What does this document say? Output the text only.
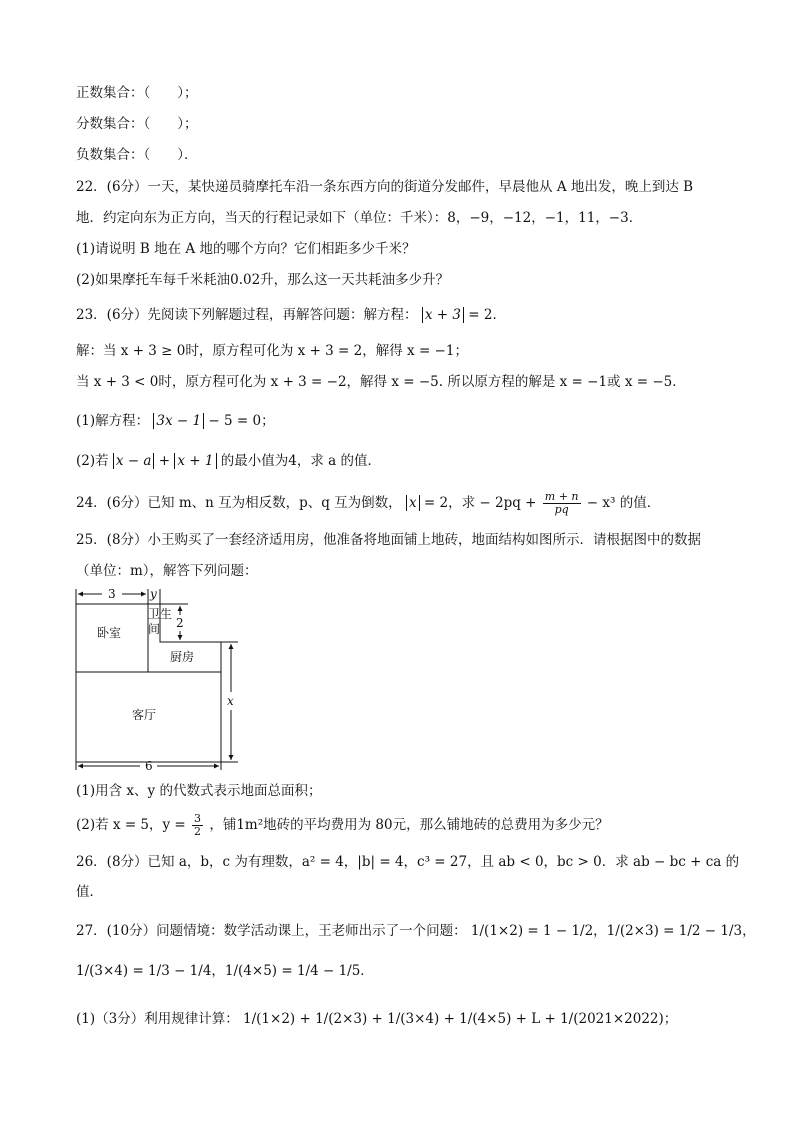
正数集合：（　　）；
分数集合：（　　）；
负数集合：（　　）．
22．(6分）一天，某快递员骑摩托车沿一条东西方向的街道分发邮件，早晨他从 A 地出发，晚上到达 B
地．约定向东为正方向，当天的行程记录如下（单位：千米）：8，−9，−12，−1，11，−3．
(1)请说明 B 地在 A 地的哪个方向？它们相距多少千米？
(2)如果摩托车每千米耗油0.02升，那么这一天共耗油多少升？
23．(6分）先阅读下列解题过程，再解答问题：解方程： x + 3 = 2．
解：当 x + 3 ≥ 0时，原方程可化为 x + 3 = 2，解得 x = −1；
当 x + 3 < 0时，原方程可化为 x + 3 = −2，解得 x = −5. 所以原方程的解是 x = −1或 x = −5．
(1)解方程： 3x − 1 − 5 = 0；
(2)若 x − a + x + 1 的最小值为4，求 a 的值．
24．(6分）已知 m、n 互为相反数，p、q 互为倒数， x = 2，求 − $2pq + \frac{m + n}{pq} - x^3$ 的值．
25．(8分）小王购买了一套经济适用房，他准备将地面铺上地砖，地面结构如图所示．请根据图中的数据
（单位：m），解答下列问题：
3	y
2
x
6
卧室
卫生
间
厨房
客厅
(1)用含 x、y 的代数式表示地面总面积；
(2)若 x = 5，$y = \frac{3}{2}$ ，铺1m²地砖的平均费用为 80元，那么铺地砖的总费用为多少元？
26．(8分）已知 a，b，c 为有理数，a² = 4，|b| = 4，c³ = 27，且 ab < 0，bc > 0．求 ab − bc + ca 的
值．
27．(10分）问题情境：数学活动课上，王老师出示了一个问题： 1/(1×2) = 1 − 1/2，1/(2×3) = 1/2 − 1/3，
1/(3×4) = 1/3 − 1/4，1/(4×5) = 1/4 − 1/5．
(1)（3分）利用规律计算： 1/(1×2) + 1/(2×3) + 1/(3×4) + 1/(4×5) + L + 1/(2021×2022)；
